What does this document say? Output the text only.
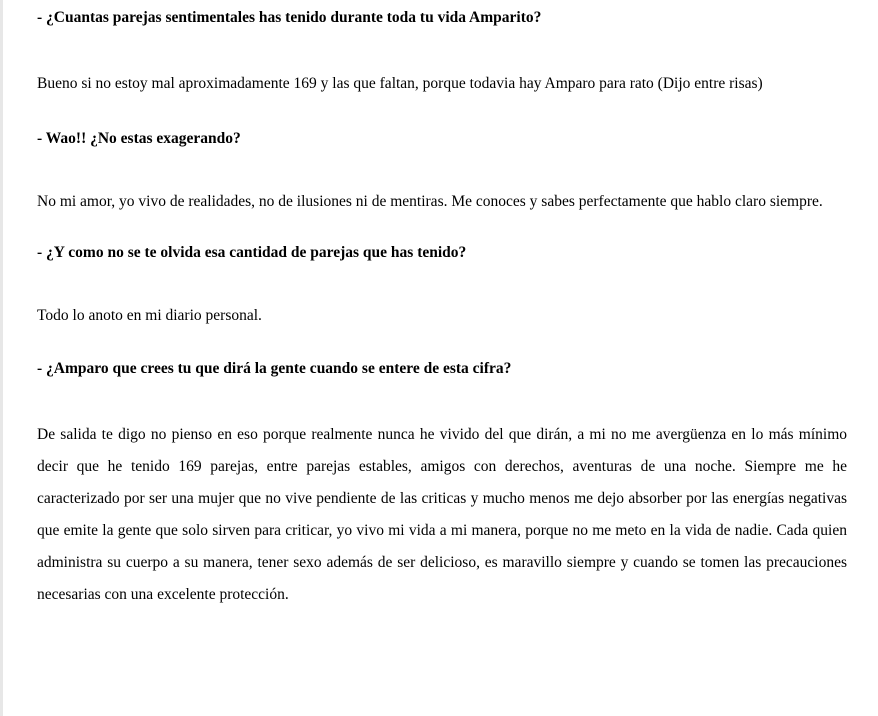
- ¿Cuantas parejas sentimentales has tenido durante toda tu vida Amparito?

Bueno si no estoy mal aproximadamente 169 y las que faltan, porque todavia hay Amparo para rato (Dijo entre risas)

- Wao!! ¿No estas exagerando?

No mi amor, yo vivo de realidades, no de ilusiones ni de mentiras. Me conoces y sabes perfectamente que hablo claro siempre.

- ¿Y como no se te olvida esa cantidad de parejas que has tenido?

Todo lo anoto en mi diario personal.

- ¿Amparo que crees tu que dirá la gente cuando se entere de esta cifra?

De salida te digo no pienso en eso porque realmente nunca he vivido del que dirán, a mi no me avergüenza en lo más mínimo decir que he tenido 169 parejas, entre parejas estables, amigos con derechos, aventuras de una noche. Siempre me he caracterizado por ser una mujer que no vive pendiente de las criticas y mucho menos me dejo absorber por las energías negativas que emite la gente que solo sirven para criticar, yo vivo mi vida a mi manera, porque no me meto en la vida de nadie. Cada quien administra su cuerpo a su manera, tener sexo además de ser delicioso, es maravillo siempre y cuando se tomen las precauciones necesarias con una excelente protección.
